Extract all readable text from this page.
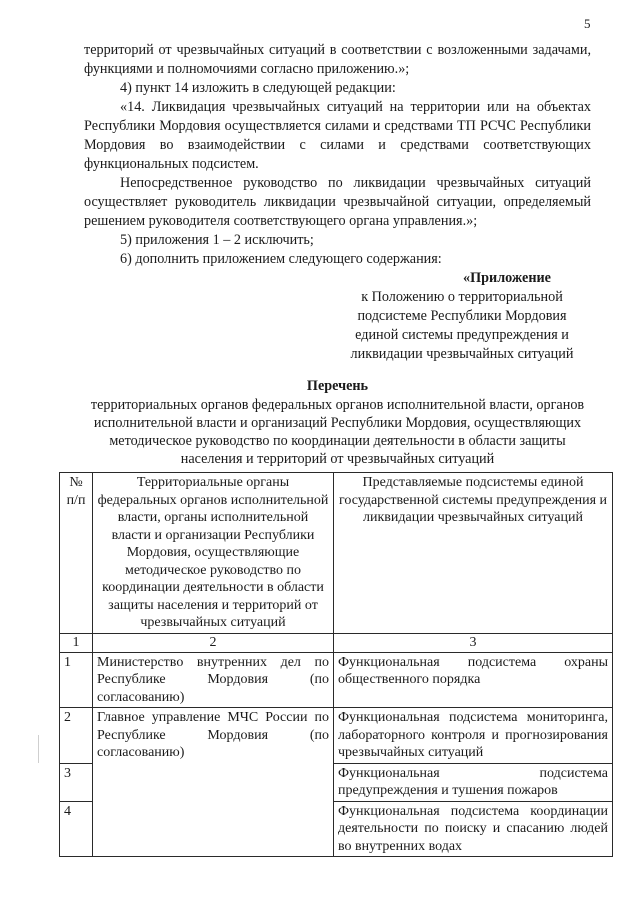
5

территорий от чрезвычайных ситуаций в соответствии с возложенными задачами, функциями и полномочиями согласно приложению.»;

4) пункт 14 изложить в следующей редакции:

«14. Ликвидация чрезвычайных ситуаций на территории или на объектах Республики Мордовия осуществляется силами и средствами ТП РСЧС Республики Мордовия во взаимодействии с силами и средствами соответствующих функциональных подсистем.

Непосредственное руководство по ликвидации чрезвычайных ситуаций осуществляет руководитель ликвидации чрезвычайной ситуации, определяемый решением руководителя соответствующего органа управления.»;

5) приложения 1 – 2 исключить;

6) дополнить приложением следующего содержания:

«Приложение
к Положению о территориальной
подсистеме Республики Мордовия
единой системы предупреждения и
ликвидации чрезвычайных ситуаций
Перечень
территориальных органов федеральных органов исполнительной власти, органов исполнительной власти и организаций Республики Мордовия, осуществляющих методическое руководство по координации деятельности в области защиты населения и территорий от чрезвычайных ситуаций
№ п/п	Территориальные органы федеральных органов исполнительной власти, органы исполнительной власти и организации Республики Мордовия, осуществляющие методическое руководство по координации деятельности в области защиты населения и территорий от чрезвычайных ситуаций	Представляемые подсистемы единой государственной системы предупреждения и ликвидации чрезвычайных ситуаций
1	2	3
1	Министерство внутренних дел по Республике Мордовия (по согласованию)	Функциональная подсистема охраны общественного порядка
2	Главное управление МЧС России по Республике Мордовия (по согласованию)	Функциональная подсистема мониторинга, лабораторного контроля и прогнозирования чрезвычайных ситуаций
3		Функциональная подсистема предупреждения и тушения пожаров
4		Функциональная подсистема координации деятельности по поиску и спасанию людей во внутренних водах
